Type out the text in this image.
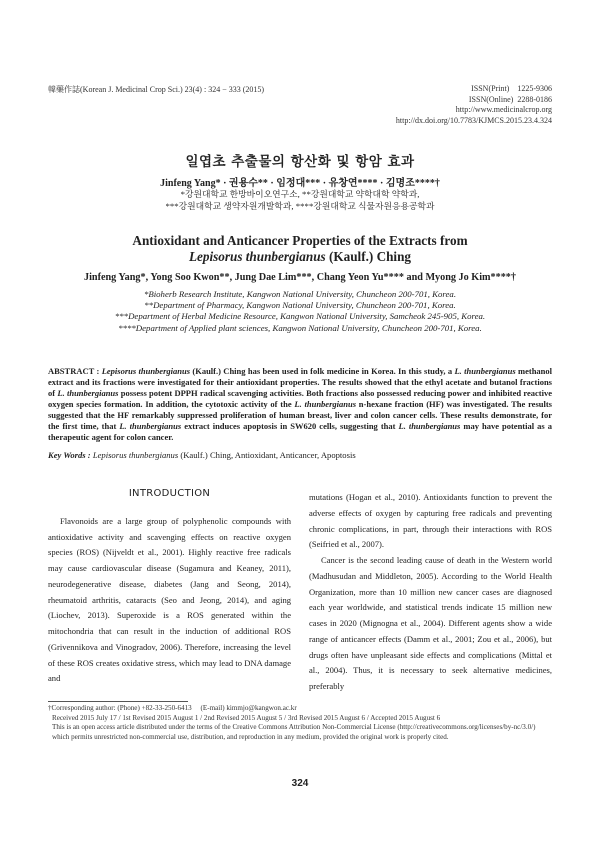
韓藥作誌(Korean J. Medicinal Crop Sci.) 23(4) : 324 − 333 (2015)	ISSN(Print)    1225-9306
ISSN(Online)  2288-0186
http://www.medicinalcrop.org
http://dx.doi.org/10.7783/KJMCS.2015.23.4.324
일엽초 추출물의 항산화 및 항암 효과
Jinfeng Yang* · 권용수** · 임정대*** · 유창연**** · 김명조****†
*강원대학교 한방바이오연구소, **강원대학교 약학대학 약학과,
***강원대학교 생약자원개발학과, ****강원대학교 식물자원응용공학과
Antioxidant and Anticancer Properties of the Extracts from
Lepisorus thunbergianus (Kaulf.) Ching
Jinfeng Yang*, Yong Soo Kwon**, Jung Dae Lim***, Chang Yeon Yu**** and Myong Jo Kim****†
*Bioherb Research Institute, Kangwon National University, Chuncheon 200-701, Korea.
**Department of Pharmacy, Kangwon National University, Chuncheon 200-701, Korea.
***Department of Herbal Medicine Resource, Kangwon National University, Samcheok 245-905, Korea.
****Department of Applied plant sciences, Kangwon National University, Chuncheon 200-701, Korea.
ABSTRACT : Lepisorus thunbergianus (Kaulf.) Ching has been used in folk medicine in Korea. In this study, a L. thunbergianus methanol extract and its fractions were investigated for their antioxidant properties. The results showed that the ethyl acetate and butanol fractions of L. thunbergianus possess potent DPPH radical scavenging activities. Both fractions also possessed reducing power and inhibited reactive oxygen species formation. In addition, the cytotoxic activity of the L. thunbergianus n-hexane fraction (HF) was investigated. The results suggested that the HF remarkably suppressed proliferation of human breast, liver and colon cancer cells. These results demonstrate, for the first time, that L. thunbergianus extract induces apoptosis in SW620 cells, suggesting that L. thunbergianus may have potential as a therapeutic agent for colon cancer.
Key Words : Lepisorus thunbergianus (Kaulf.) Ching, Antioxidant, Anticancer, Apoptosis
INTRODUCTION

Flavonoids are a large group of polyphenolic compounds with antioxidative activity and scavenging effects on reactive oxygen species (ROS) (Nijveldt et al., 2001). Highly reactive free radicals may cause cardiovascular disease (Sugamura and Keaney, 2011), neurodegenerative disease, diabetes (Jang and Seong, 2014), rheumatoid arthritis, cataracts (Seo and Jeong, 2014), and aging (Liochev, 2013). Superoxide is a ROS generated within the mitochondria that can result in the induction of additional ROS (Grivennikova and Vinogradov, 2006). Therefore, increasing the level of these ROS creates oxidative stress, which may lead to DNA damage and

mutations (Hogan et al., 2010). Antioxidants function to prevent the adverse effects of oxygen by capturing free radicals and preventing chronic complications, in part, through their interactions with ROS (Seifried et al., 2007).

Cancer is the second leading cause of death in the Western world (Madhusudan and Middleton, 2005). According to the World Health Organization, more than 10 million new cancer cases are diagnosed each year worldwide, and statistical trends indicate 15 million new cases in 2020 (Mignogna et al., 2004). Different agents show a wide range of anticancer effects (Damm et al., 2001; Zou et al., 2006), but drugs often have unpleasant side effects and complications (Mittal et al., 2004). Thus, it is necessary to seek alternative medicines, preferably

†Corresponding author: (Phone) +82-33-250-6413     (E-mail) kimmjo@kangwon.ac.kr
Received 2015 July 17 / 1st Revised 2015 August 1 / 2nd Revised 2015 August 5 / 3rd Revised 2015 August 6 / Accepted 2015 August 6
This is an open access article distributed under the terms of the Creative Commons Attribution Non-Commercial License (http://creativecommons.org/licenses/by-nc/3.0/) which permits unrestricted non-commercial use, distribution, and reproduction in any medium, provided the original work is properly cited.
324
